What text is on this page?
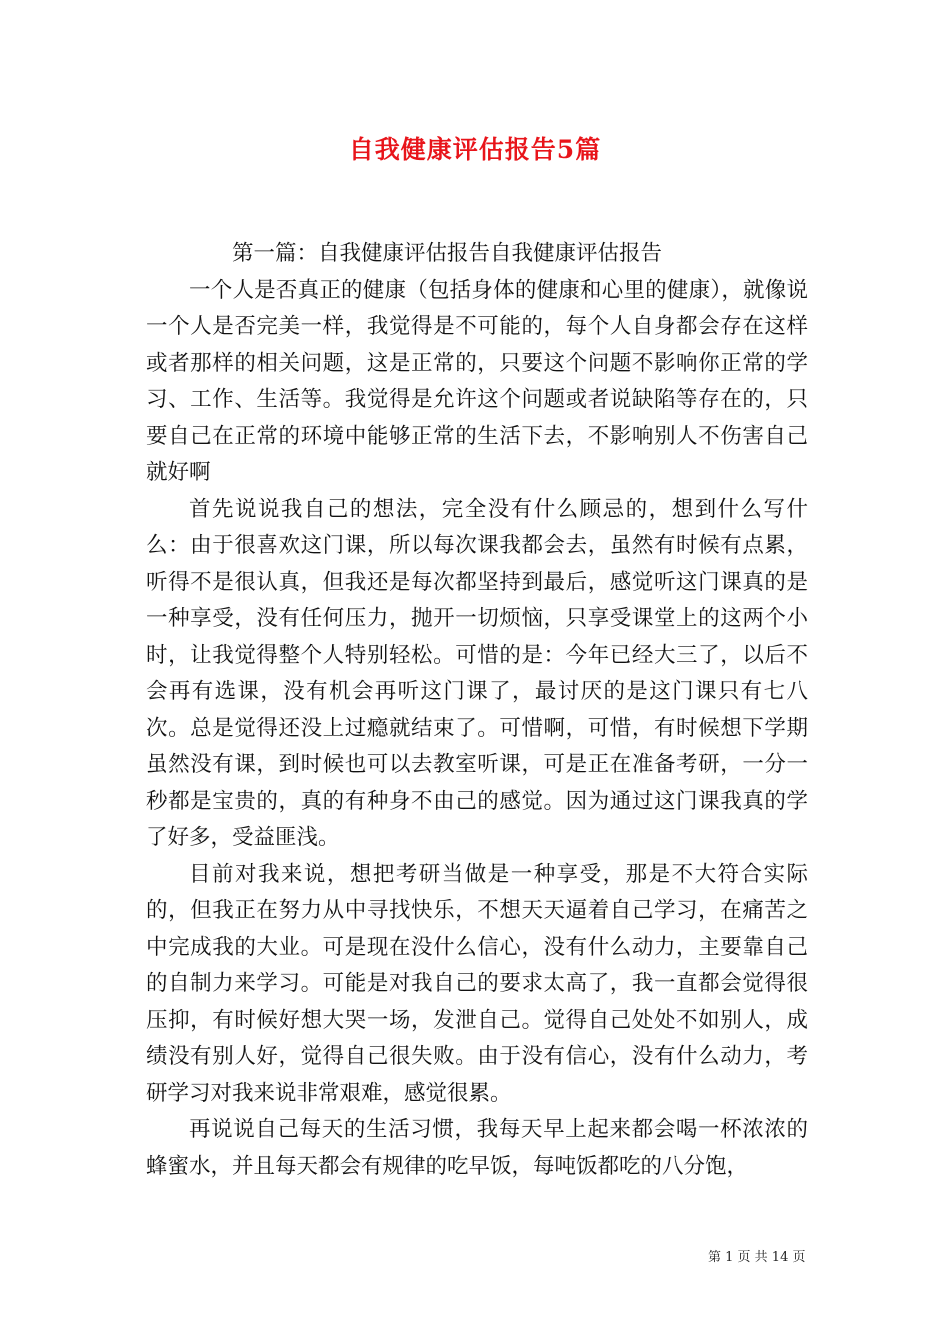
自我健康评估报告5篇

第一篇：自我健康评估报告自我健康评估报告

一个人是否真正的健康（包括身体的健康和心里的健康），就像说一个人是否完美一样，我觉得是不可能的，每个人自身都会存在这样或者那样的相关问题，这是正常的，只要这个问题不影响你正常的学习、工作、生活等。我觉得是允许这个问题或者说缺陷等存在的，只要自己在正常的环境中能够正常的生活下去，不影响别人不伤害自己就好啊

首先说说我自己的想法，完全没有什么顾忌的，想到什么写什么：由于很喜欢这门课，所以每次课我都会去，虽然有时候有点累，听得不是很认真，但我还是每次都坚持到最后，感觉听这门课真的是一种享受，没有任何压力，抛开一切烦恼，只享受课堂上的这两个小时，让我觉得整个人特别轻松。可惜的是：今年已经大三了，以后不会再有选课，没有机会再听这门课了，最讨厌的是这门课只有七八次。总是觉得还没上过瘾就结束了。可惜啊，可惜，有时候想下学期虽然没有课，到时候也可以去教室听课，可是正在准备考研，一分一秒都是宝贵的，真的有种身不由己的感觉。因为通过这门课我真的学了好多，受益匪浅。

目前对我来说，想把考研当做是一种享受，那是不大符合实际的，但我正在努力从中寻找快乐，不想天天逼着自己学习，在痛苦之中完成我的大业。可是现在没什么信心，没有什么动力，主要靠自己的自制力来学习。可能是对我自己的要求太高了，我一直都会觉得很压抑，有时候好想大哭一场，发泄自己。觉得自己处处不如别人，成绩没有别人好，觉得自己很失败。由于没有信心，没有什么动力，考研学习对我来说非常艰难，感觉很累。

再说说自己每天的生活习惯，我每天早上起来都会喝一杯浓浓的蜂蜜水，并且每天都会有规律的吃早饭，每吨饭都吃的八分饱，

第 1 页 共 14 页
